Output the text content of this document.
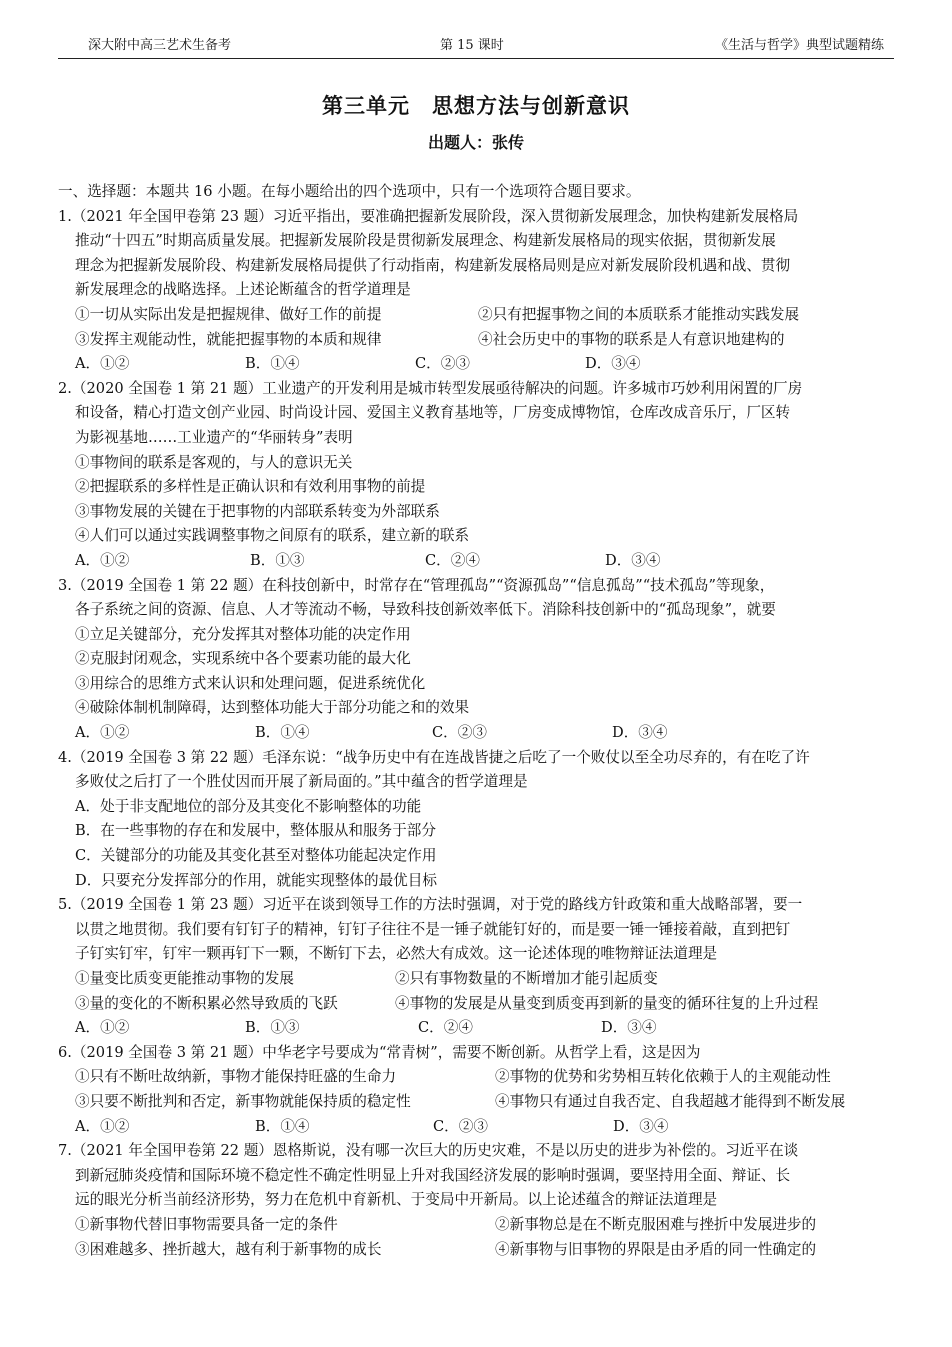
深大附中高三艺术生备考	第 15 课时	《生活与哲学》典型试题精练
第三单元　思想方法与创新意识
出题人：张传
一、选择题：本题共 16 小题。在每小题给出的四个选项中，只有一个选项符合题目要求。
1.（2021 年全国甲卷第 23 题）习近平指出，要准确把握新发展阶段，深入贯彻新发展理念，加快构建新发展格局
推动“十四五”时期高质量发展。把握新发展阶段是贯彻新发展理念、构建新发展格局的现实依据，贯彻新发展
理念为把握新发展阶段、构建新发展格局提供了行动指南，构建新发展格局则是应对新发展阶段机遇和战、贯彻
新发展理念的战略选择。上述论断蕴含的哲学道理是
①一切从实际出发是把握规律、做好工作的前提	②只有把握事物之间的本质联系才能推动实践发展
③发挥主观能动性，就能把握事物的本质和规律	④社会历史中的事物的联系是人有意识地建构的
A．①②	B．①④	C．②③	D．③④
2.（2020 全国卷 1 第 21 题）工业遗产的开发利用是城市转型发展亟待解决的问题。许多城市巧妙利用闲置的厂房
和设备，精心打造文创产业园、时尚设计园、爱国主义教育基地等，厂房变成博物馆，仓库改成音乐厅，厂区转
为影视基地……工业遗产的“华丽转身”表明
①事物间的联系是客观的，与人的意识无关
②把握联系的多样性是正确认识和有效利用事物的前提
③事物发展的关键在于把事物的内部联系转变为外部联系
④人们可以通过实践调整事物之间原有的联系，建立新的联系
A．①②	B．①③	C．②④	D．③④
3.（2019 全国卷 1 第 22 题）在科技创新中，时常存在“管理孤岛”“资源孤岛”“信息孤岛”“技术孤岛”等现象，
各子系统之间的资源、信息、人才等流动不畅，导致科技创新效率低下。消除科技创新中的“孤岛现象”，就要
①立足关键部分，充分发挥其对整体功能的决定作用
②克服封闭观念，实现系统中各个要素功能的最大化
③用综合的思维方式来认识和处理问题，促进系统优化
④破除体制机制障碍，达到整体功能大于部分功能之和的效果
A．①②	B．①④	C．②③	D．③④
4.（2019 全国卷 3 第 22 题）毛泽东说：“战争历史中有在连战皆捷之后吃了一个败仗以至全功尽弃的，有在吃了许
多败仗之后打了一个胜仗因而开展了新局面的。”其中蕴含的哲学道理是
A．处于非支配地位的部分及其变化不影响整体的功能
B．在一些事物的存在和发展中，整体服从和服务于部分
C．关键部分的功能及其变化甚至对整体功能起决定作用
D．只要充分发挥部分的作用，就能实现整体的最优目标
5.（2019 全国卷 1 第 23 题）习近平在谈到领导工作的方法时强调，对于党的路线方针政策和重大战略部署，要一
以贯之地贯彻。我们要有钉钉子的精神，钉钉子往往不是一锤子就能钉好的，而是要一锤一锤接着敲，直到把钉
子钉实钉牢，钉牢一颗再钉下一颗，不断钉下去，必然大有成效。这一论述体现的唯物辩证法道理是
①量变比质变更能推动事物的发展	②只有事物数量的不断增加才能引起质变
③量的变化的不断积累必然导致质的飞跃	④事物的发展是从量变到质变再到新的量变的循环往复的上升过程
A．①②	B．①③	C．②④	D．③④
6.（2019 全国卷 3 第 21 题）中华老字号要成为“常青树”，需要不断创新。从哲学上看，这是因为
①只有不断吐故纳新，事物才能保持旺盛的生命力	②事物的优势和劣势相互转化依赖于人的主观能动性
③只要不断批判和否定，新事物就能保持质的稳定性	④事物只有通过自我否定、自我超越才能得到不断发展
A．①②	B．①④	C．②③	D．③④
7.（2021 年全国甲卷第 22 题）恩格斯说，没有哪一次巨大的历史灾难，不是以历史的进步为补偿的。习近平在谈
到新冠肺炎疫情和国际环境不稳定性不确定性明显上升对我国经济发展的影响时强调，要坚持用全面、辩证、长
远的眼光分析当前经济形势，努力在危机中育新机、于变局中开新局。以上论述蕴含的辩证法道理是
①新事物代替旧事物需要具备一定的条件	②新事物总是在不断克服困难与挫折中发展进步的
③困难越多、挫折越大，越有利于新事物的成长	④新事物与旧事物的界限是由矛盾的同一性确定的
